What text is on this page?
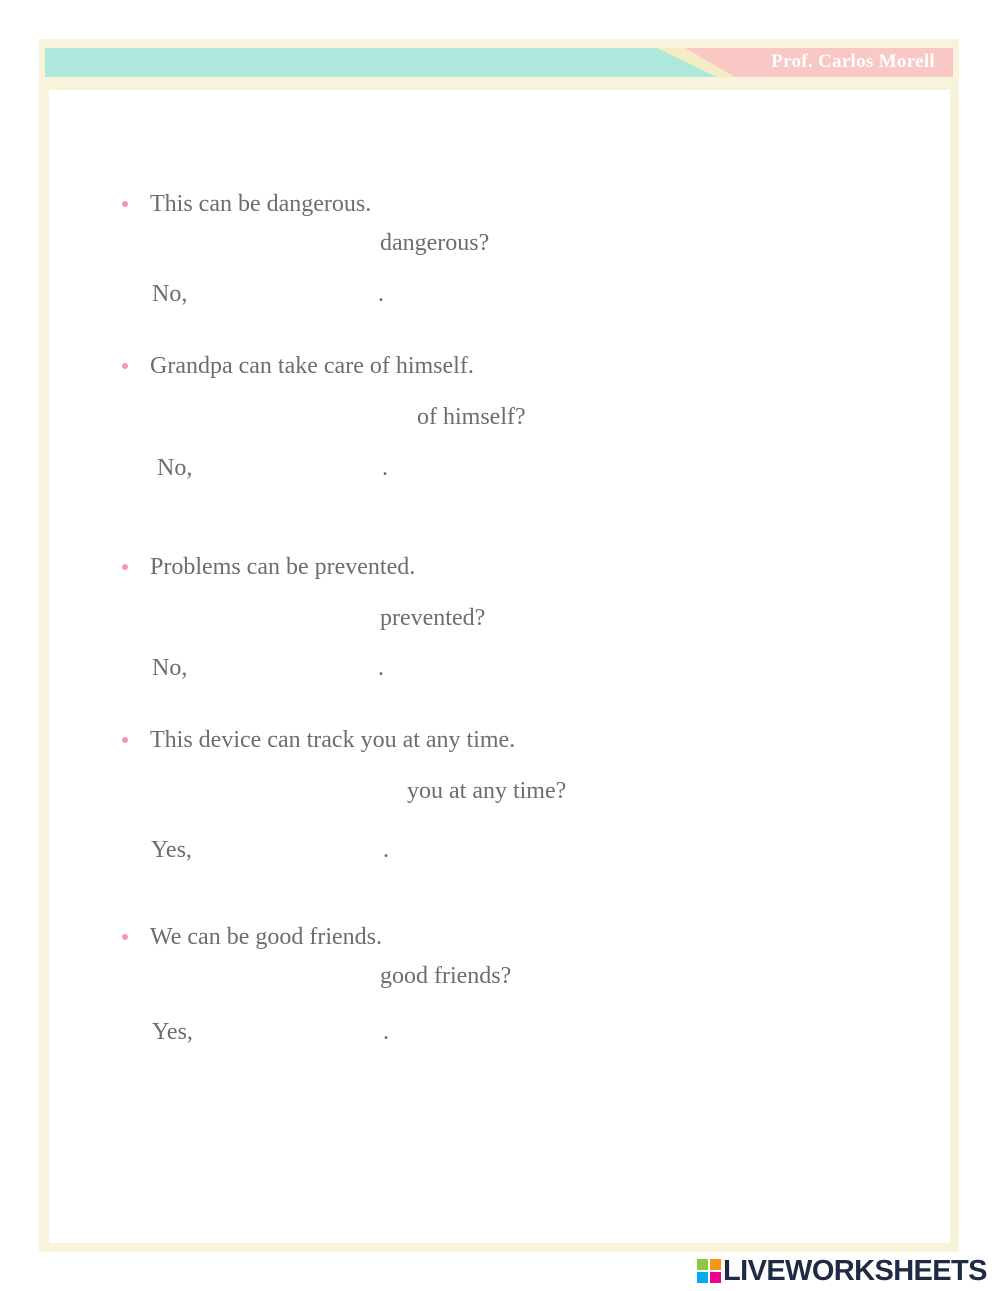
Prof. Carlos Morell
This can be dangerous.
dangerous?
No,	.
Grandpa can take care of himself.
of himself?
No,	.
Problems can be prevented.
prevented?
No,	.
This device can track you at any time.
you at any time?
Yes,	.
We can be good friends.
good friends?
Yes,	.
LIVEWORKSHEETS
